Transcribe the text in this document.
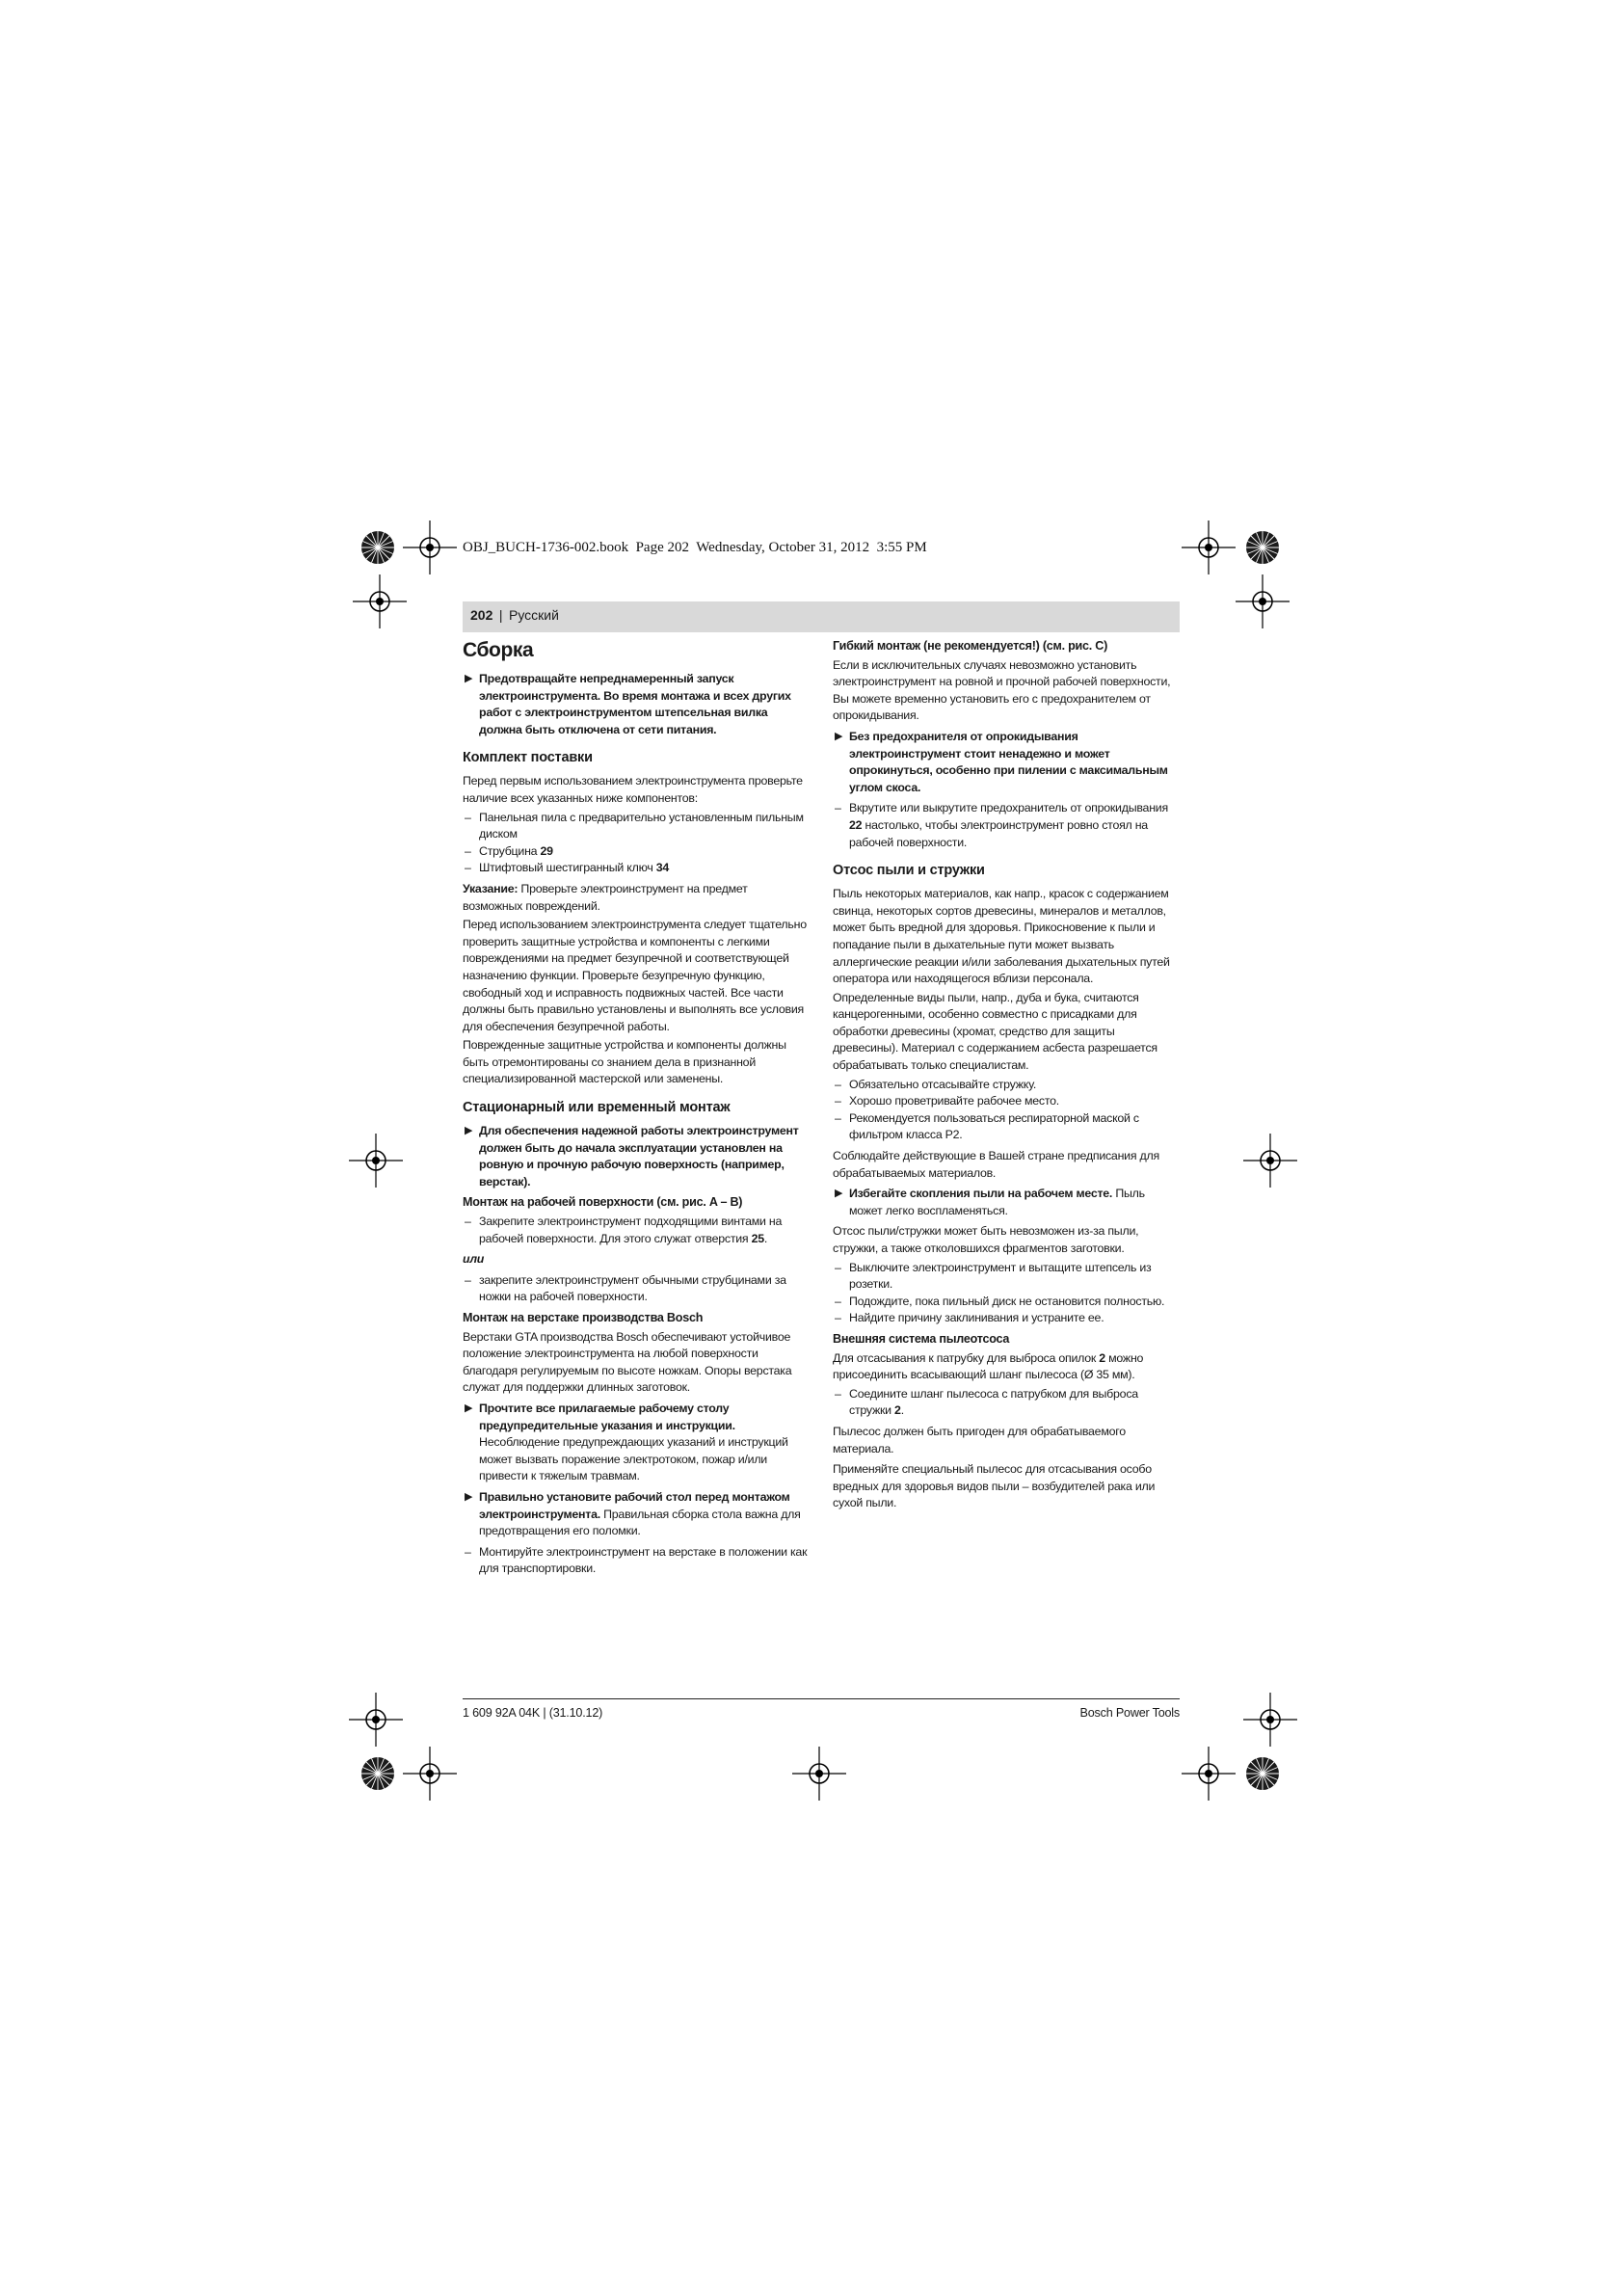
OBJ_BUCH-1736-002.book  Page 202  Wednesday, October 31, 2012  3:55 PM
202 | Русский
Сборка
▶ Предотвращайте непреднамеренный запуск электроинструмента. Во время монтажа и всех других работ с электроинструментом штепсельная вилка должна быть отключена от сети питания.
Комплект поставки

Перед первым использованием электроинструмента проверьте наличие всех указанных ниже компонентов:

– Панельная пила с предварительно установленным пильным диском
– Струбцина 29
– Штифтовый шестигранный ключ 34

Указание: Проверьте электроинструмент на предмет возможных повреждений.

Перед использованием электроинструмента следует тщательно проверить защитные устройства и компоненты с легкими повреждениями на предмет безупречной и соответствующей назначению функции. Проверьте безупречную функцию, свободный ход и исправность подвижных частей. Все части должны быть правильно установлены и выполнять все условия для обеспечения безупречной работы.

Поврежденные защитные устройства и компоненты должны быть отремонтированы со знанием дела в признанной специализированной мастерской или заменены.

Стационарный или временный монтаж
▶ Для обеспечения надежной работы электроинструмент должен быть до начала эксплуатации установлен на ровную и прочную рабочую поверхность (например, верстак).
Монтаж на рабочей поверхности (см. рис. A – B)
– Закрепите электроинструмент подходящими винтами на рабочей поверхности. Для этого служат отверстия 25.
или
– закрепите электроинструмент обычными струбцинами за ножки на рабочей поверхности.
Монтаж на верстаке производства Bosch

Верстаки GTA производства Bosch обеспечивают устойчивое положение электроинструмента на любой поверхности благодаря регулируемым по высоте ножкам. Опоры верстака служат для поддержки длинных заготовок.

▶ Прочтите все прилагаемые рабочему столу предупредительные указания и инструкции. Несоблюдение предупреждающих указаний и инструкций может вызвать поражение электротоком, пожар и/или привести к тяжелым травмам.
▶ Правильно установите рабочий стол перед монтажом электроинструмента. Правильная сборка стола важна для предотвращения его поломки.
– Монтируйте электроинструмент на верстаке в положении как для транспортировки.
Гибкий монтаж (не рекомендуется!) (см. рис. C)

Если в исключительных случаях невозможно установить электроинструмент на ровной и прочной рабочей поверхности, Вы можете временно установить его с предохранителем от опрокидывания.

▶ Без предохранителя от опрокидывания электроинструмент стоит ненадежно и может опрокинуться, особенно при пилении с максимальным углом скоса.
– Вкрутите или выкрутите предохранитель от опрокидывания 22 настолько, чтобы электроинструмент ровно стоял на рабочей поверхности.
Отсос пыли и стружки

Пыль некоторых материалов, как напр., красок с содержанием свинца, некоторых сортов древесины, минералов и металлов, может быть вредной для здоровья. Прикосновение к пыли и попадание пыли в дыхательные пути может вызвать аллергические реакции и/или заболевания дыхательных путей оператора или находящегося вблизи персонала.

Определенные виды пыли, напр., дуба и бука, считаются канцерогенными, особенно совместно с присадками для обработки древесины (хромат, средство для защиты древесины). Материал с содержанием асбеста разрешается обрабатывать только специалистам.

– Обязательно отсасывайте стружку.
– Хорошо проветривайте рабочее место.
– Рекомендуется пользоваться респираторной маской с фильтром класса P2.

Соблюдайте действующие в Вашей стране предписания для обрабатываемых материалов.

▶ Избегайте скопления пыли на рабочем месте. Пыль может легко воспламеняться.

Отсос пыли/стружки может быть невозможен из-за пыли, стружки, а также отколовшихся фрагментов заготовки.

– Выключите электроинструмент и вытащите штепсель из розетки.
– Подождите, пока пильный диск не остановится полностью.
– Найдите причину заклинивания и устраните ее.
Внешняя система пылеотсоса

Для отсасывания к патрубку для выброса опилок 2 можно присоединить всасывающий шланг пылесоса (Ø 35 мм).

– Соедините шланг пылесоса с патрубком для выброса стружки 2.

Пылесос должен быть пригоден для обрабатываемого материала.

Применяйте специальный пылесос для отсасывания особо вредных для здоровья видов пыли – возбудителей рака или сухой пыли.

1 609 92A 04K | (31.10.12)	Bosch Power Tools
